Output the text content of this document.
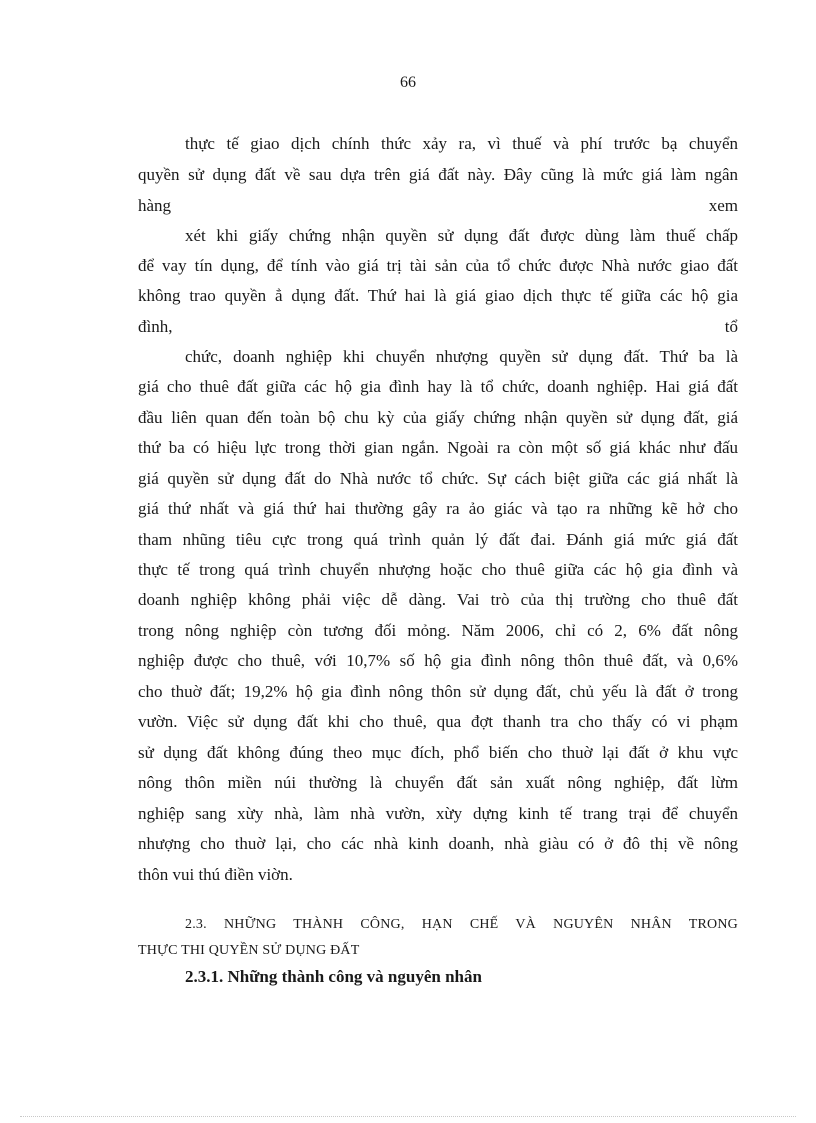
66
thực tế giao dịch chính thức xảy ra, vì thuế và phí trước bạ chuyển
quyền sử dụng đất về sau dựa trên giá đất này. Đây cũng là mức giá làm ngân
hàng xem
xét khi giấy chứng nhận quyền sử dụng đất được dùng làm thuế chấp
để vay tín dụng, để tính vào giá trị tài sản của tổ chức được Nhà nước giao đất
không trao quyền ẳ dụng đất. Thứ hai là giá giao dịch thực tế giữa các hộ gia
đình, tổ
chức, doanh nghiệp khi chuyển nhượng quyền sử dụng đất. Thứ ba là
giá cho thuê đất giữa các hộ gia đình hay là tổ chức, doanh nghiệp. Hai giá đất
đầu liên quan đến toàn bộ chu kỳ của giấy chứng nhận quyền sử dụng đất, giá
thứ ba có hiệu lực trong thời gian ngắn. Ngoài ra còn một số giá khác như đấu
giá quyền sử dụng đất do Nhà nước tổ chức. Sự cách biệt giữa các giá nhất là
giá thứ nhất và giá thứ hai thường gây ra ảo giác và tạo ra những kẽ hở cho
tham nhũng tiêu cực trong quá trình quản lý đất đai. Đánh giá mức giá đất
thực tế trong quá trình chuyển nhượng hoặc cho thuê giữa các hộ gia đình và
doanh nghiệp không phải việc dễ dàng. Vai trò của thị trường cho thuê đất
trong nông nghiệp còn tương đối mỏng. Năm 2006, chỉ có 2, 6% đất nông
nghiệp được cho thuê, với 10,7% số hộ gia đình nông thôn thuê đất, và 0,6%
cho thuờ đất; 19,2% hộ gia đình nông thôn sử dụng đất, chủ yếu là đất ở trong
vườn. Việc sử dụng đất khi cho thuê, qua đợt thanh tra cho thấy có vi phạm
sử dụng đất không đúng theo mục đích, phổ biến cho thuờ lại đất ở khu vực
nông thôn miền núi thường là chuyển đất sản xuất nông nghiệp, đất lừm
nghiệp sang xừy nhà, làm nhà vườn, xừy dựng kinh tế trang trại để chuyển
nhượng cho thuờ lại, cho các nhà kinh doanh, nhà giàu có ở đô thị về nông
thôn vui thú điền viờn.
2.3. NHỮNG THÀNH CÔNG, HẠN CHẾ VÀ NGUYÊN NHÂN TRONG
THỰC THI QUYỀN SỬ DỤNG ĐẤT
2.3.1. Những thành công và nguyên nhân
